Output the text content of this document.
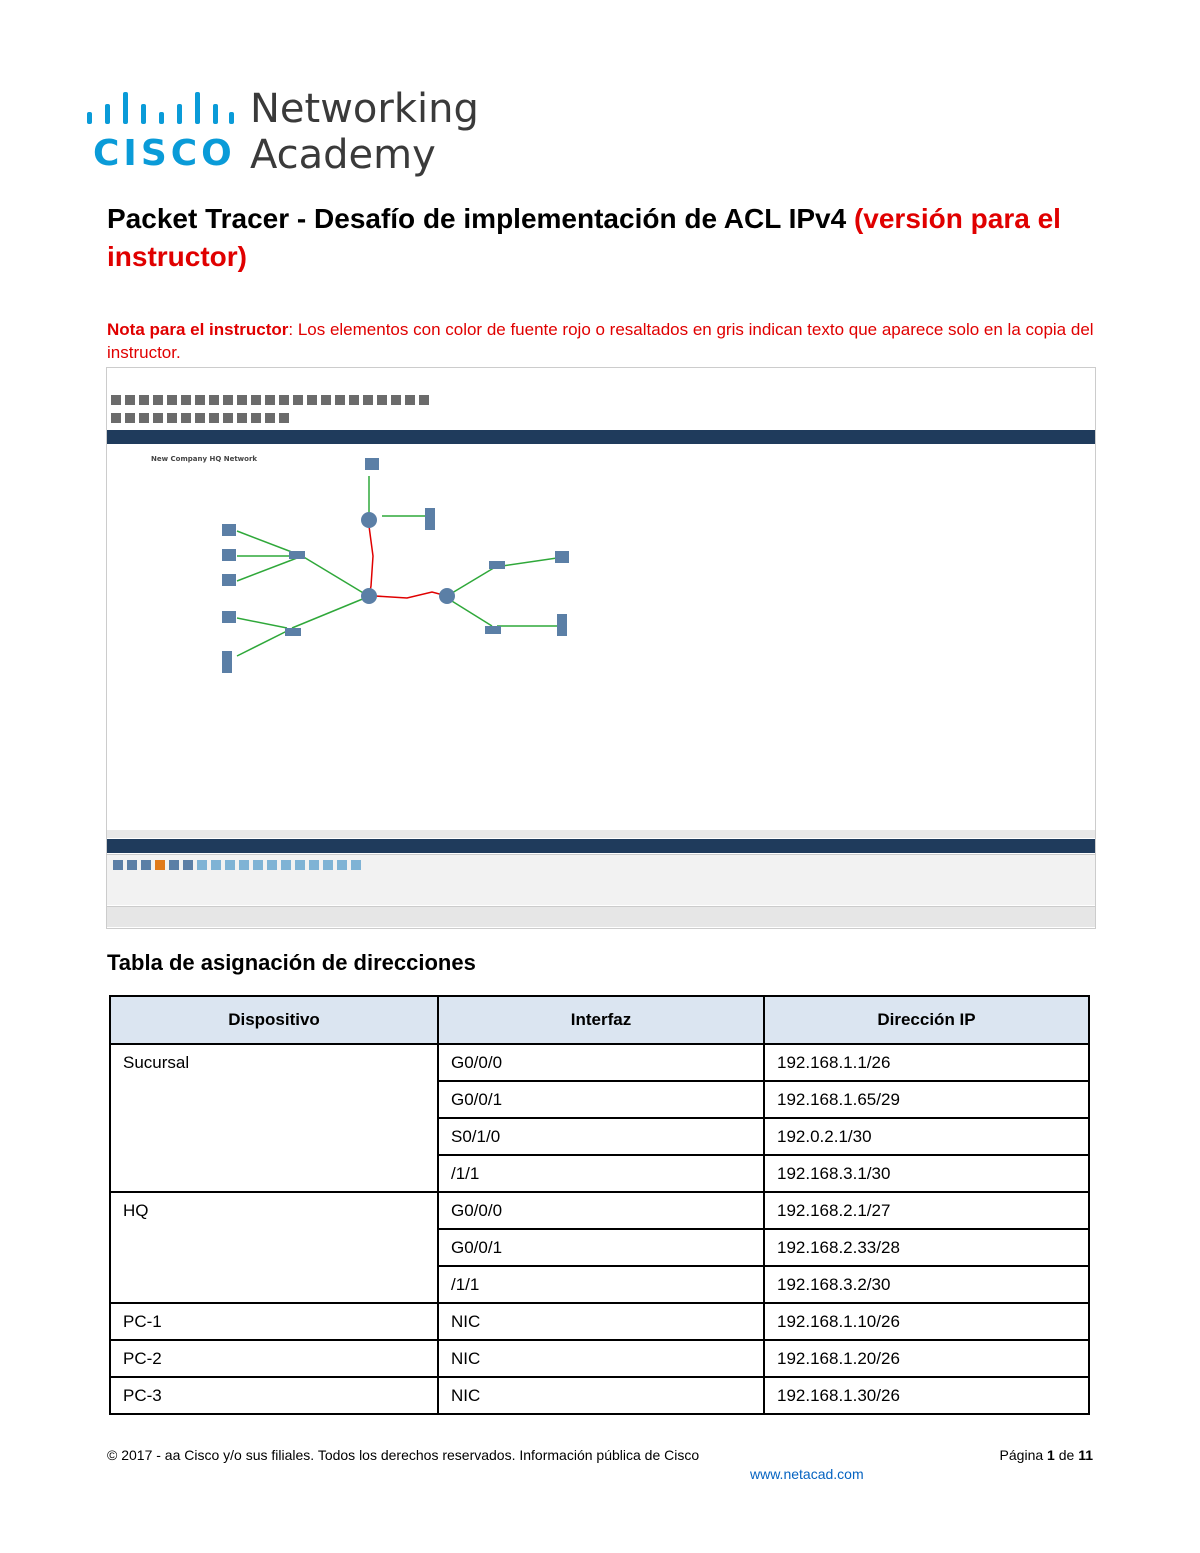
CISCO
Networking
Academy
Packet Tracer - Desafío de implementación de ACL IPv4 (versión para el instructor)
Nota para el instructor: Los elementos con color de fuente rojo o resaltados en gris indican texto que aparece solo en la copia del instructor.
New Company HQ Network
Tabla de asignación de direcciones
Dispositivo	Interfaz	Dirección IP
Sucursal	G0/0/0	192.168.1.1/26
	G0/0/1	192.168.1.65/29
	S0/1/0	192.0.2.1/30
	/1/1	192.168.3.1/30
HQ	G0/0/0	192.168.2.1/27
	G0/0/1	192.168.2.33/28
	/1/1	192.168.3.2/30
PC-1	NIC	192.168.1.10/26
PC-2	NIC	192.168.1.20/26
PC-3	NIC	192.168.1.30/26
© 2017 - aa Cisco y/o sus filiales. Todos los derechos reservados. Información pública de Cisco	Página 1 de 11
www.netacad.com
